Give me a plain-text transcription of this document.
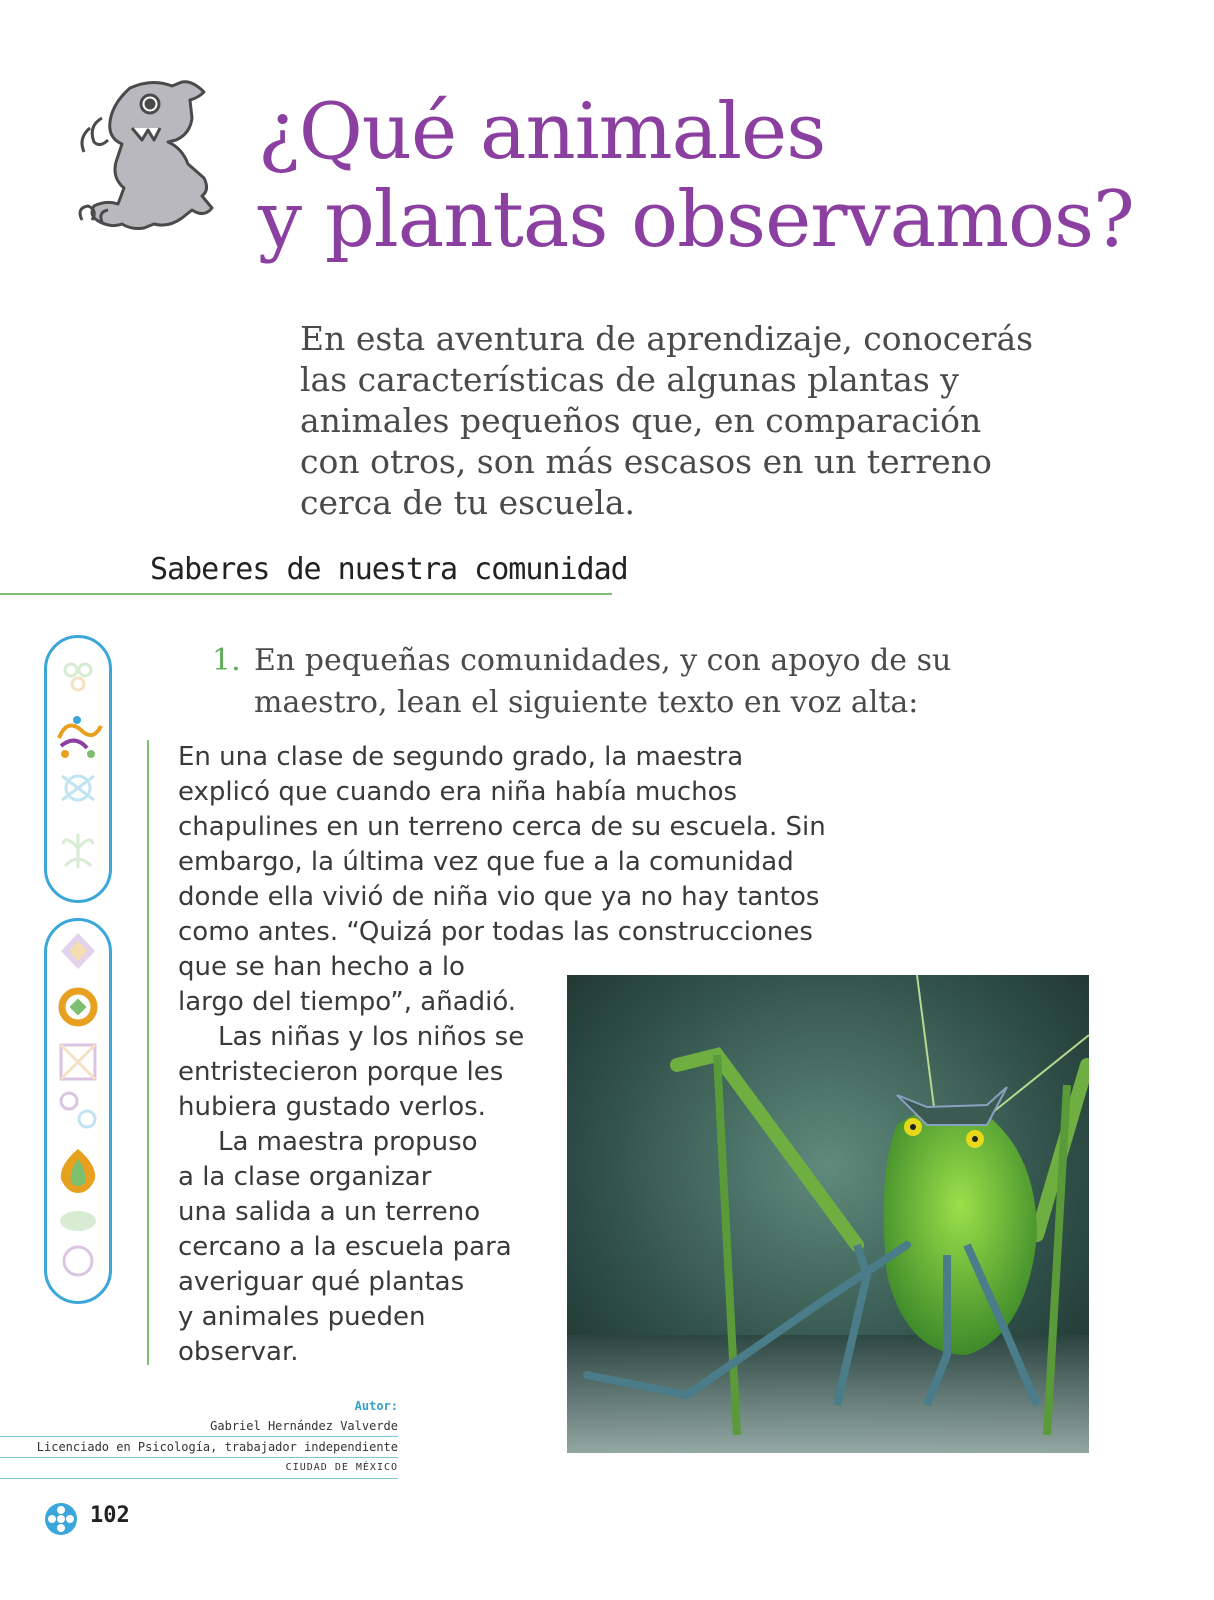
¿Qué animales
y plantas observamos?
En esta aventura de aprendizaje, conocerás
las características de algunas plantas y
animales pequeños que, en comparación
con otros, son más escasos en un terreno
cerca de tu escuela.
Saberes de nuestra comunidad
1. En pequeñas comunidades, y con apoyo de su
maestro, lean el siguiente texto en voz alta:
En una clase de segundo grado, la maestra
explicó que cuando era niña había muchos
chapulines en un terreno cerca de su escuela. Sin
embargo, la última vez que fue a la comunidad
donde ella vivió de niña vio que ya no hay tantos
como antes. “Quizá por todas las construcciones
que se han hecho a lo
largo del tiempo”, añadió.
Las niñas y los niños se
entristecieron porque les
hubiera gustado verlos.
La maestra propuso
a la clase organizar
una salida a un terreno
cercano a la escuela para
averiguar qué plantas
y animales pueden
observar.
Autor:
Gabriel Hernández Valverde
Licenciado en Psicología, trabajador independiente
CIUDAD DE MÉXICO
102
